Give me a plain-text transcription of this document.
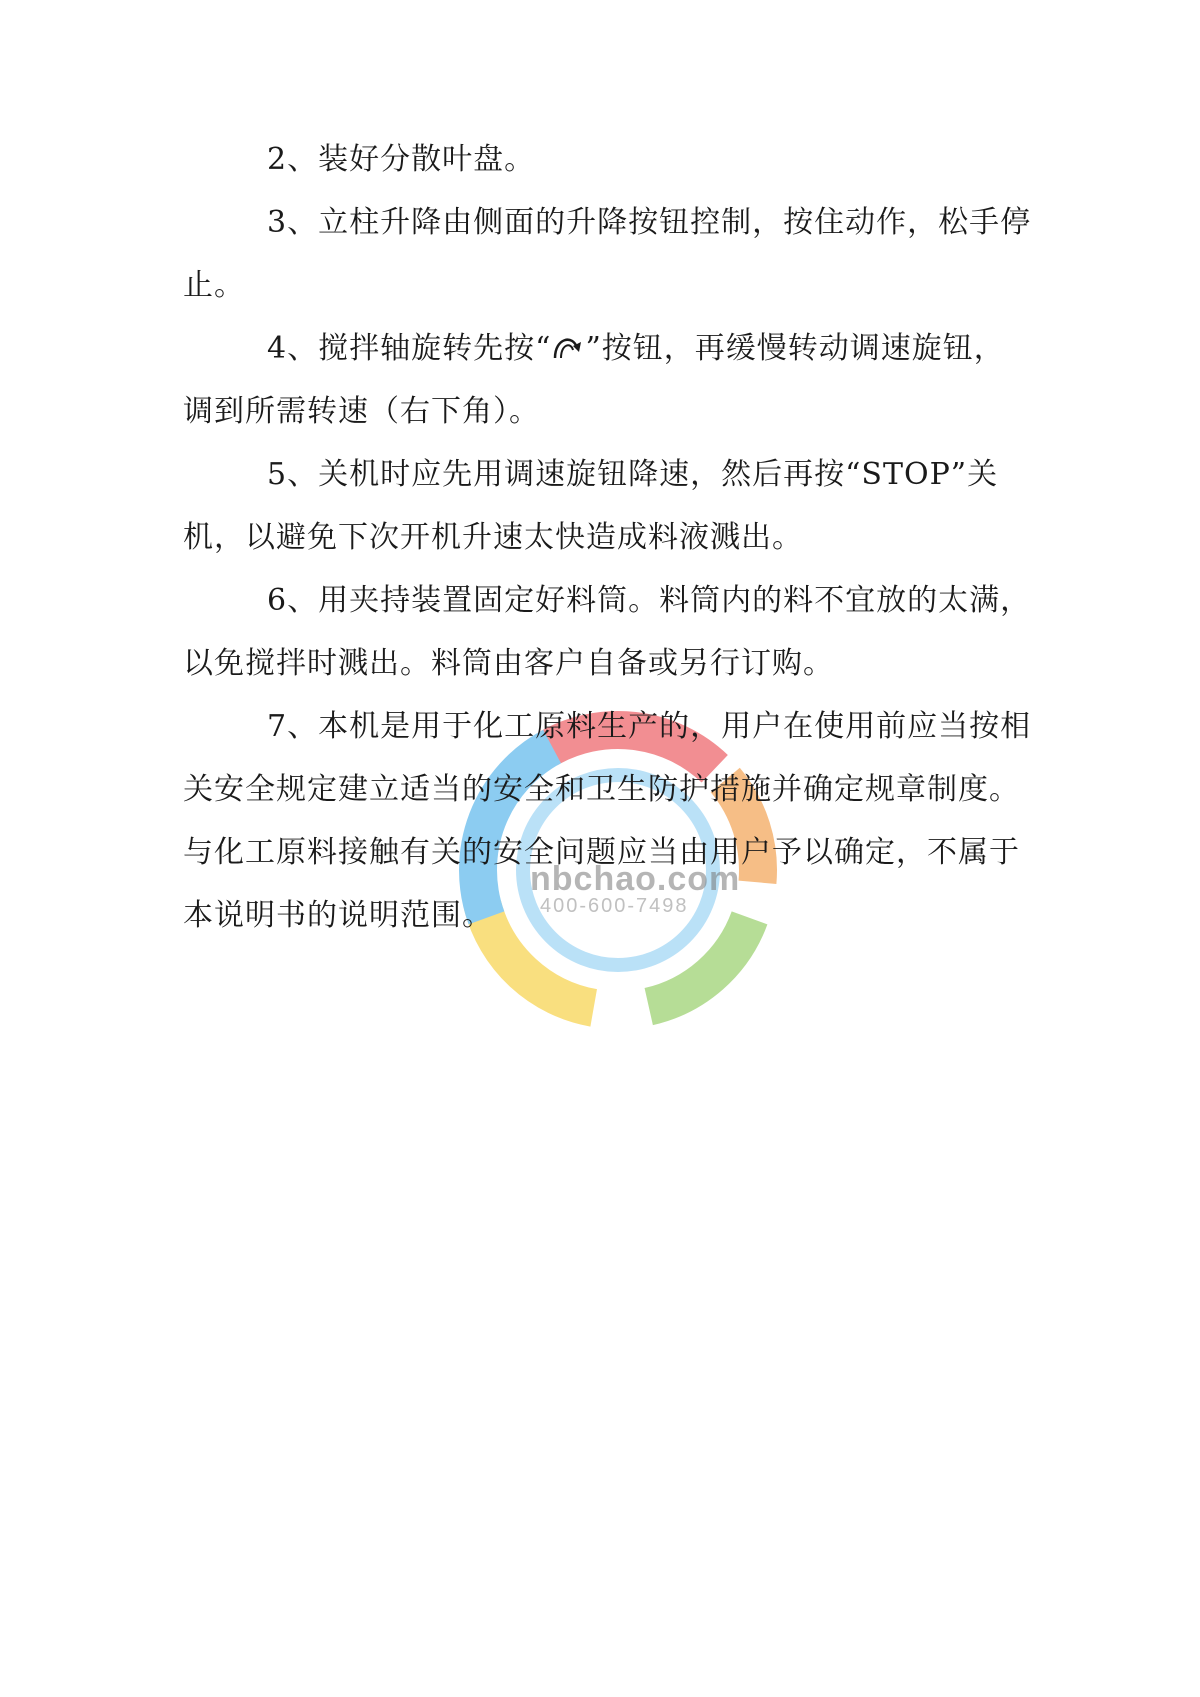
nbchao.com
400-600-7498

2、装好分散叶盘。

3、立柱升降由侧面的升降按钮控制，按住动作，松手停止。

4、搅拌轴旋转先按“ ”按钮，再缓慢转动调速旋钮，调到所需转速（右下角）。

5、关机时应先用调速旋钮降速，然后再按“STOP”关机，以避免下次开机升速太快造成料液溅出。

6、用夹持装置固定好料筒。料筒内的料不宜放的太满，以免搅拌时溅出。料筒由客户自备或另行订购。

7、本机是用于化工原料生产的，用户在使用前应当按相关安全规定建立适当的安全和卫生防护措施并确定规章制度。与化工原料接触有关的安全问题应当由用户予以确定，不属于本说明书的说明范围。
